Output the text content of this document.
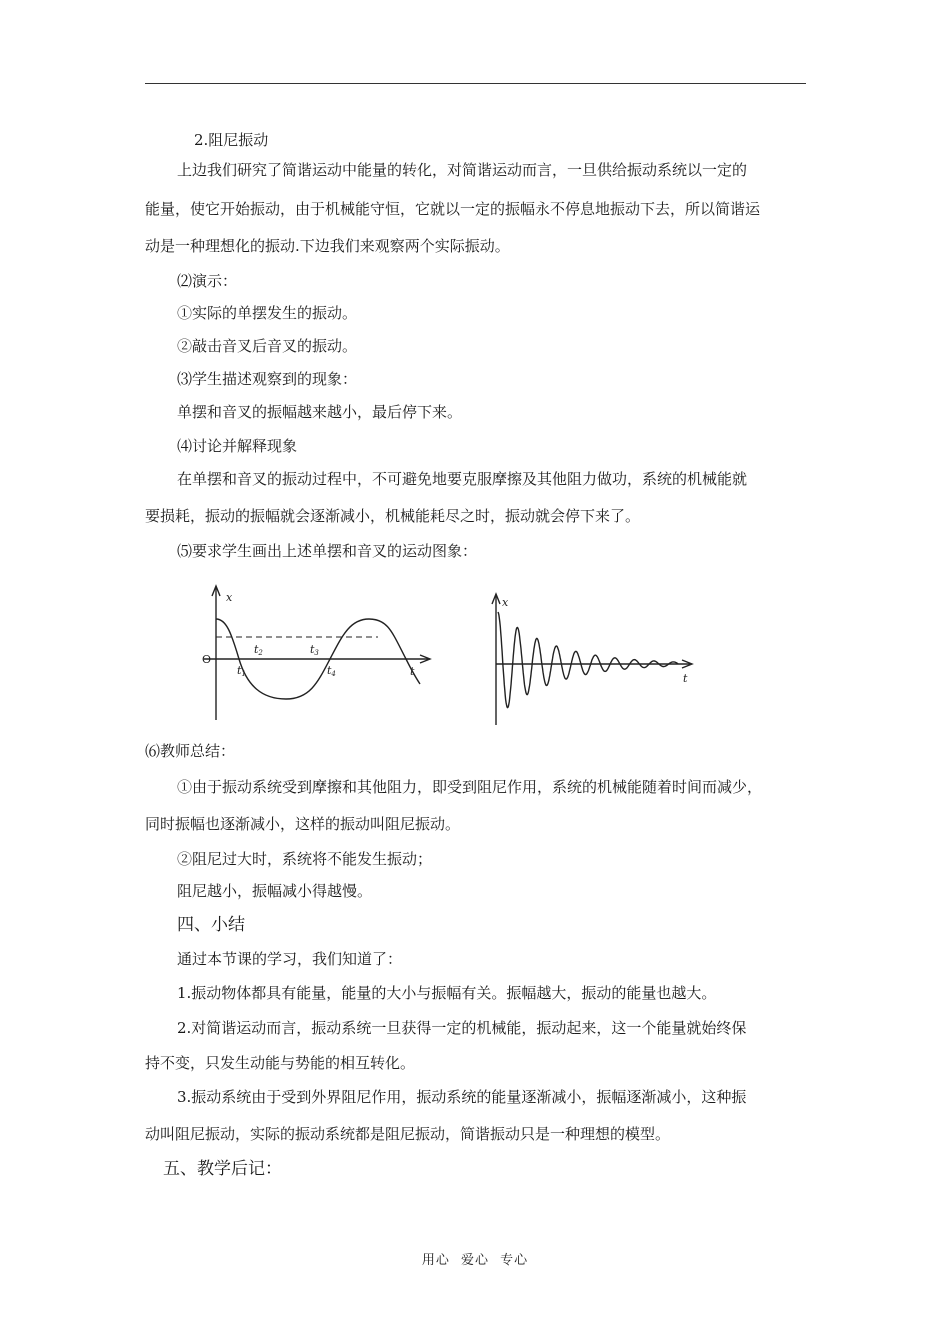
2.阻尼振动
上边我们研究了简谐运动中能量的转化，对简谐运动而言，一旦供给振动系统以一定的
能量，使它开始振动，由于机械能守恒，它就以一定的振幅永不停息地振动下去，所以简谐运
动是一种理想化的振动.下边我们来观察两个实际振动。
⑵演示：
①实际的单摆发生的振动。
②敲击音叉后音叉的振动。
⑶学生描述观察到的现象：
单摆和音叉的振幅越来越小，最后停下来。
⑷讨论并解释现象
在单摆和音叉的振动过程中，不可避免地要克服摩擦及其他阻力做功，系统的机械能就
要损耗，振动的振幅就会逐渐减小，机械能耗尽之时，振动就会停下来了。
⑸要求学生画出上述单摆和音叉的运动图象：
x
t
O
t1
t2	t3
t4
x
t
⑹教师总结：
①由于振动系统受到摩擦和其他阻力，即受到阻尼作用，系统的机械能随着时间而减少，
同时振幅也逐渐减小，这样的振动叫阻尼振动。
②阻尼过大时，系统将不能发生振动；
阻尼越小，振幅减小得越慢。
四、小结
通过本节课的学习，我们知道了：
1.振动物体都具有能量，能量的大小与振幅有关。振幅越大，振动的能量也越大。
2.对简谐运动而言，振动系统一旦获得一定的机械能，振动起来，这一个能量就始终保
持不变，只发生动能与势能的相互转化。
3.振动系统由于受到外界阻尼作用，振动系统的能量逐渐减小，振幅逐渐减小，这种振
动叫阻尼振动，实际的振动系统都是阻尼振动，简谐振动只是一种理想的模型。
五、教学后记：
用心 爱心 专心
